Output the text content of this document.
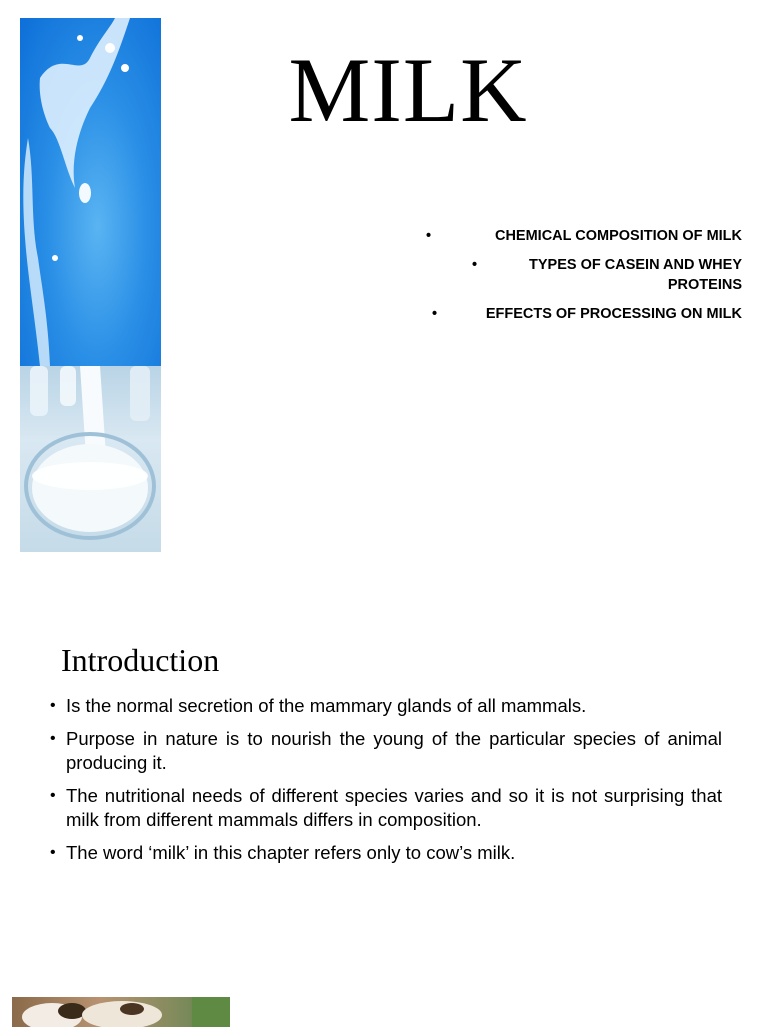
MILK
•	CHEMICAL COMPOSITION OF MILK
•	TYPES OF CASEIN AND WHEY PROTEINS
•	EFFECTS OF PROCESSING ON MILK
Introduction
• Is the normal secretion of the mammary glands of all mammals.
• Purpose in nature is to nourish the young of the particular species of animal producing it.
• The nutritional needs of different species varies and so it is not surprising that milk from different mammals differs in composition.
• The word ‘milk’ in this chapter refers only to cow’s milk.
